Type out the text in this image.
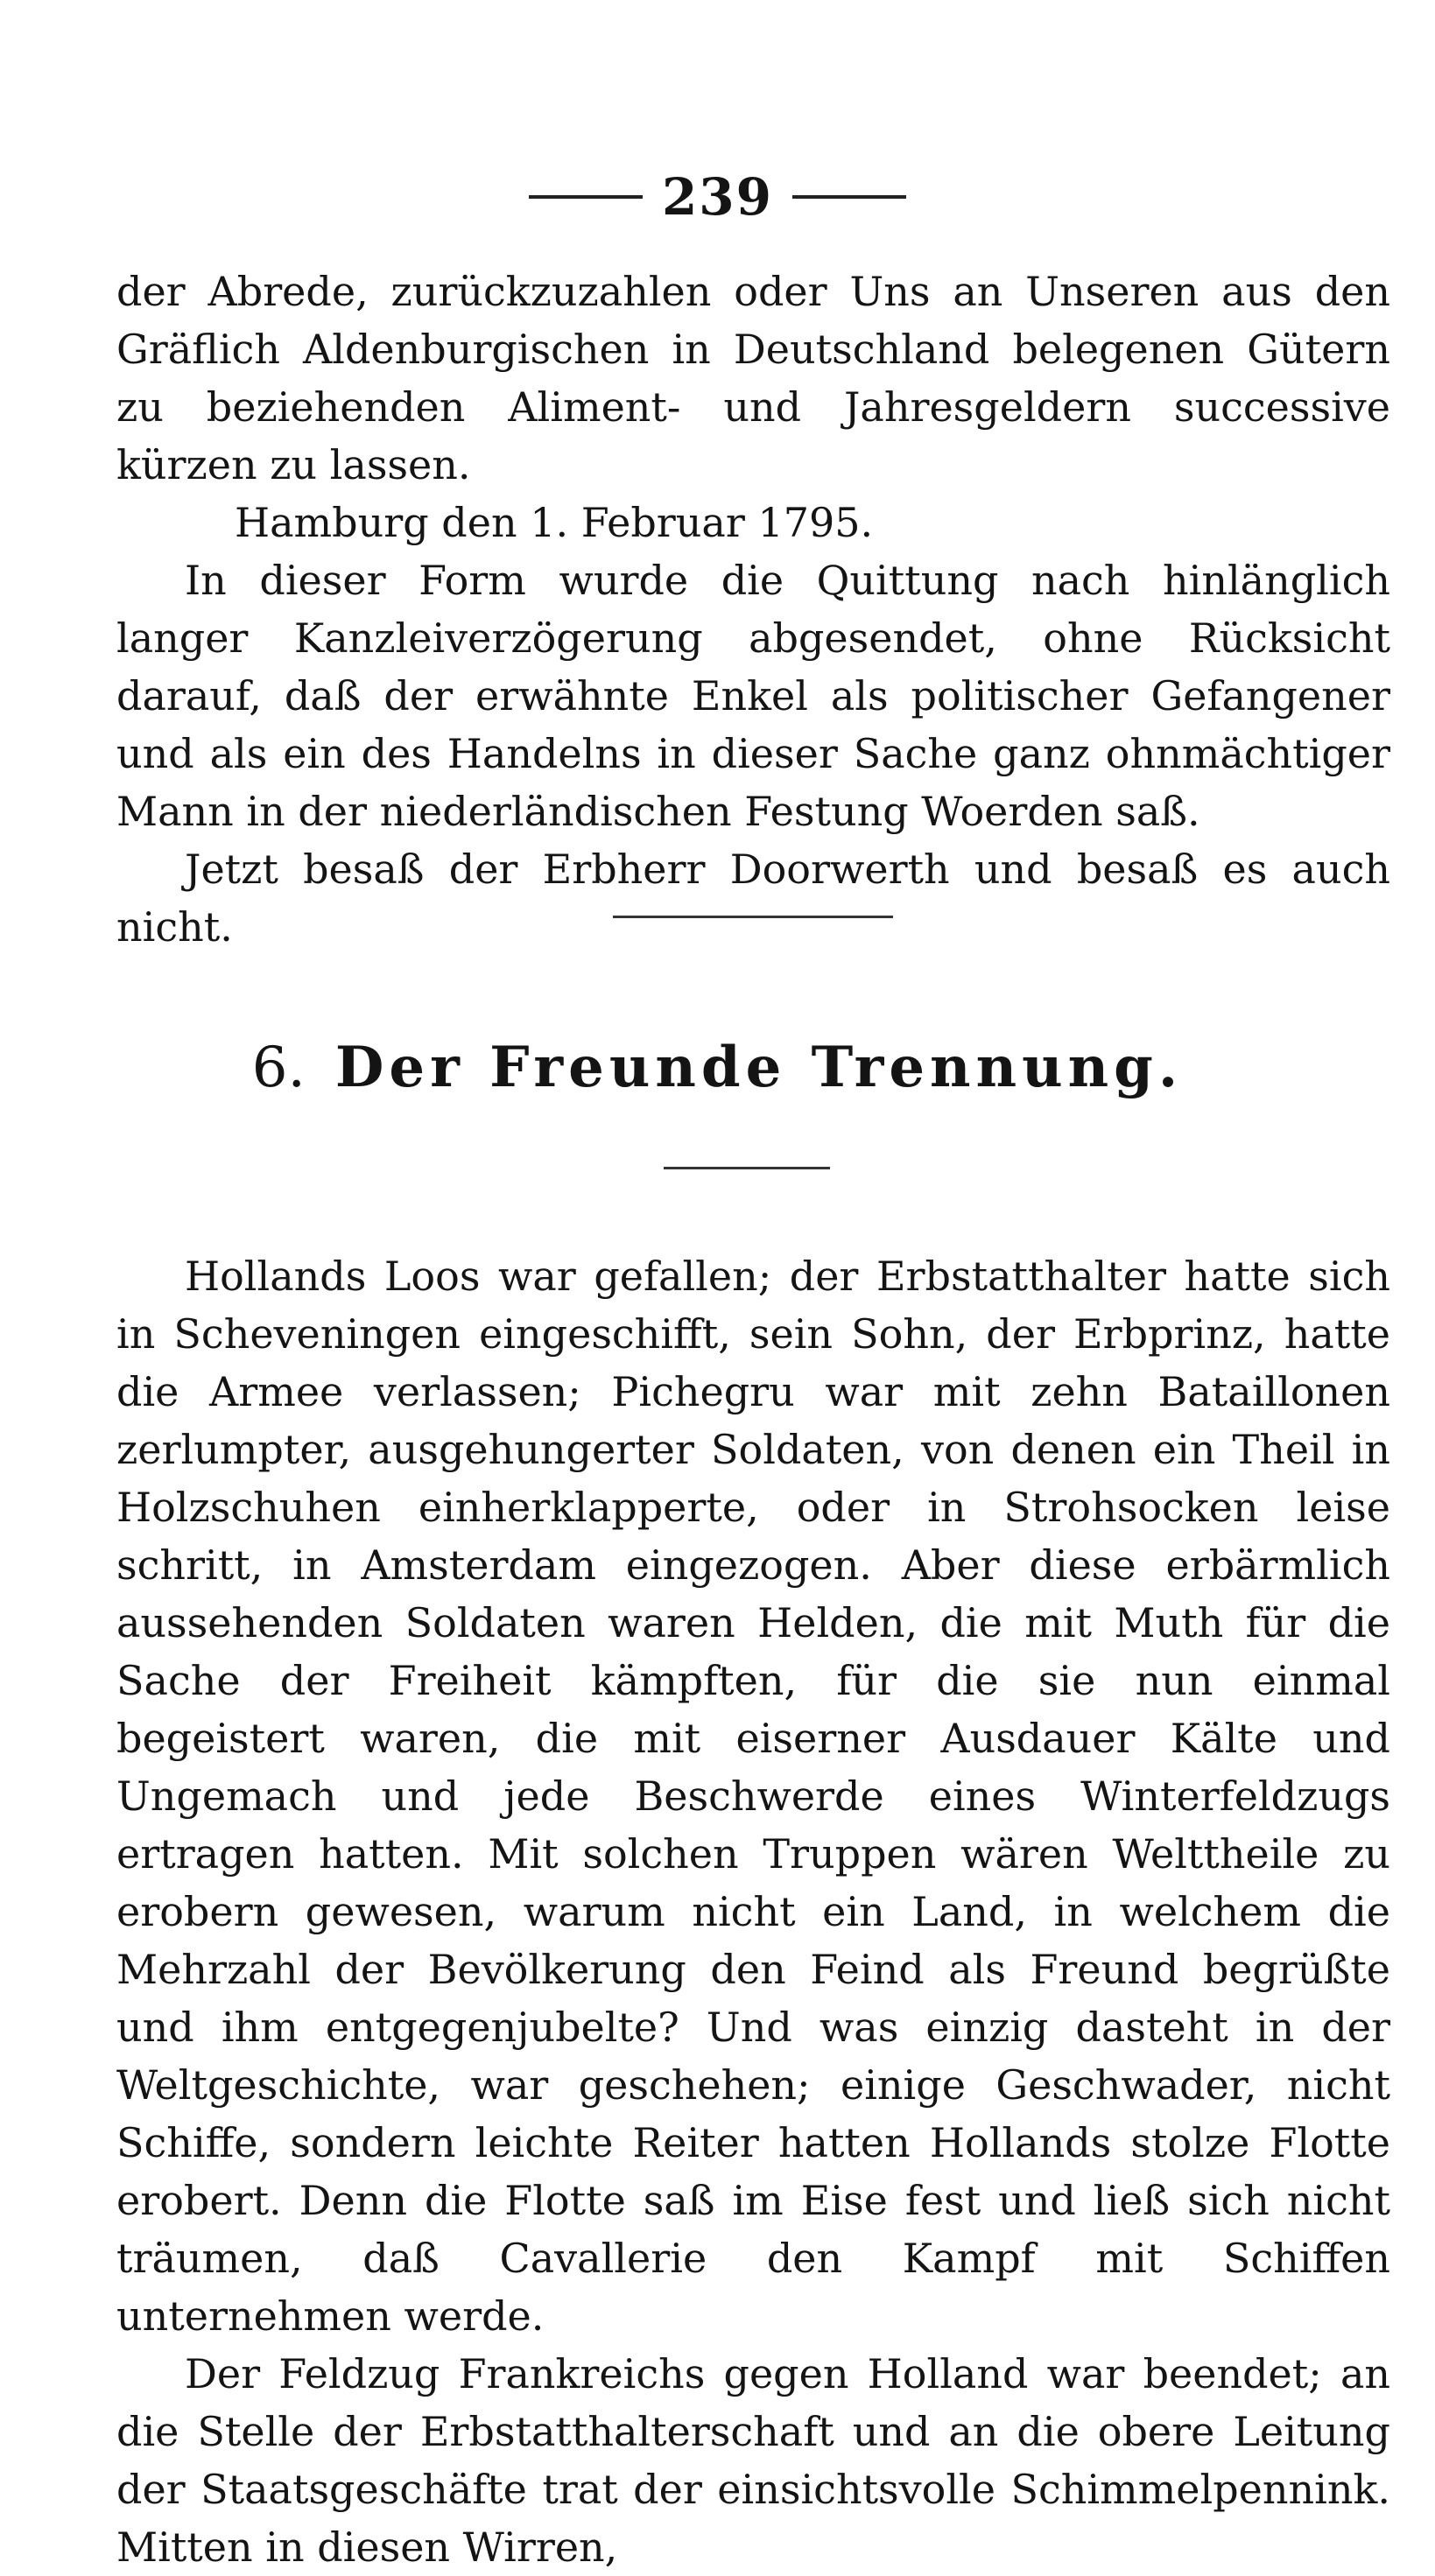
239

der Abrede, zurückzuzahlen oder Uns an Unseren aus den Gräflich Aldenburgischen in Deutschland belegenen Gütern zu beziehenden Aliment- und Jahresgeldern successive kürzen zu lassen.

Hamburg den 1. Februar 1795.

In dieser Form wurde die Quittung nach hinlänglich langer Kanzleiverzögerung abgesendet, ohne Rücksicht darauf, daß der erwähnte Enkel als politischer Gefangener und als ein des Handelns in dieser Sache ganz ohnmächtiger Mann in der niederländischen Festung Woerden saß.

Jetzt besaß der Erbherr Doorwerth und besaß es auch nicht.

6. Der Freunde Trennung.

Hollands Loos war gefallen; der Erbstatthalter hatte sich in Scheveningen eingeschifft, sein Sohn, der Erbprinz, hatte die Armee verlassen; Pichegru war mit zehn Bataillonen zerlumpter, ausgehungerter Soldaten, von denen ein Theil in Holzschuhen einherklapperte, oder in Strohsocken leise schritt, in Amsterdam eingezogen. Aber diese erbärmlich aussehenden Soldaten waren Helden, die mit Muth für die Sache der Freiheit kämpften, für die sie nun einmal begeistert waren, die mit eiserner Ausdauer Kälte und Ungemach und jede Beschwerde eines Winterfeldzugs ertragen hatten. Mit solchen Truppen wären Welttheile zu erobern gewesen, warum nicht ein Land, in welchem die Mehrzahl der Bevölkerung den Feind als Freund begrüßte und ihm entgegenjubelte? Und was einzig dasteht in der Weltgeschichte, war geschehen; einige Geschwader, nicht Schiffe, sondern leichte Reiter hatten Hollands stolze Flotte erobert. Denn die Flotte saß im Eise fest und ließ sich nicht träumen, daß Cavallerie den Kampf mit Schiffen unternehmen werde.

Der Feldzug Frankreichs gegen Holland war beendet; an die Stelle der Erbstatthalterschaft und an die obere Leitung der Staatsgeschäfte trat der einsichtsvolle Schimmelpennink. Mitten in diesen Wirren,
